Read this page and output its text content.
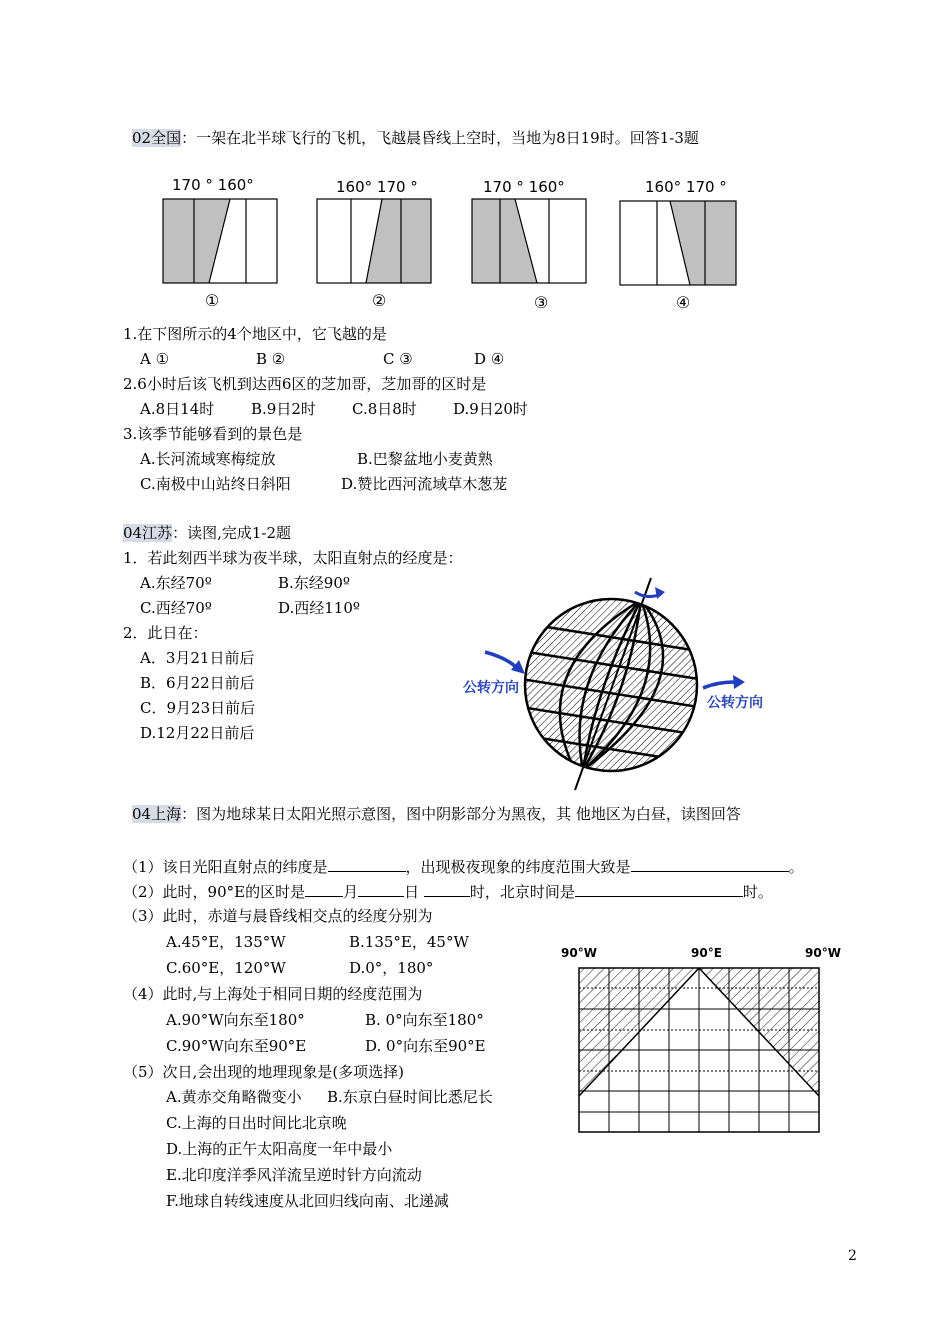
02全国：一架在北半球飞行的飞机，飞越晨昏线上空时，当地为8日19时。回答1-3题
170 ° 160°
①
160° 170 °
②
170 ° 160°
③
160° 170 °
④
1.在下图所示的4个地区中，它飞越的是
A ①	B ②	C ③	D ④
2.6小时后该飞机到达西6区的芝加哥，芝加哥的区时是
A.8日14时 B.9日2时 C.8日8时 D.9日20时
3.该季节能够看到的景色是
A.长河流域寒梅绽放	B.巴黎盆地小麦黄熟
C.南极中山站终日斜阳	D.赞比西河流域草木葱茏
04江苏：读图,完成1-2题
1．若此刻西半球为夜半球，太阳直射点的经度是：
A.东经70º	B.东经90º
C.西经70º	D.西经110º
2．此日在：
A．3月21日前后
B．6月22日前后
C．9月23日前后
D.12月22日前后
公转方向
公转方向
04上海：图为地球某日太阳光照示意图，图中阴影部分为黑夜，其 他地区为白昼，读图回答
（1）该日光阳直射点的纬度是	，出现极夜现象的纬度范围大致是	。
（2）此时，90°E的区时是	月	日	时，北京时间是	时。
（3）此时，赤道与晨昏线相交点的经度分别为
A.45°E，135°W	B.135°E，45°W
C.60°E，120°W	D.0°，180°
（4）此时,与上海处于相同日期的经度范围为
A.90°W向东至180°	B. 0°向东至180°
C.90°W向东至90°E	D. 0°向东至90°E
（5）次日,会出现的地理现象是(多项选择)
A.黄赤交角略微变小 B.东京白昼时间比悉尼长
C.上海的日出时间比北京晚
D.上海的正午太阳高度一年中最小
E.北印度洋季风洋流呈逆时针方向流动
F.地球自转线速度从北回归线向南、北递减
90°W	90°E	90°W
2
